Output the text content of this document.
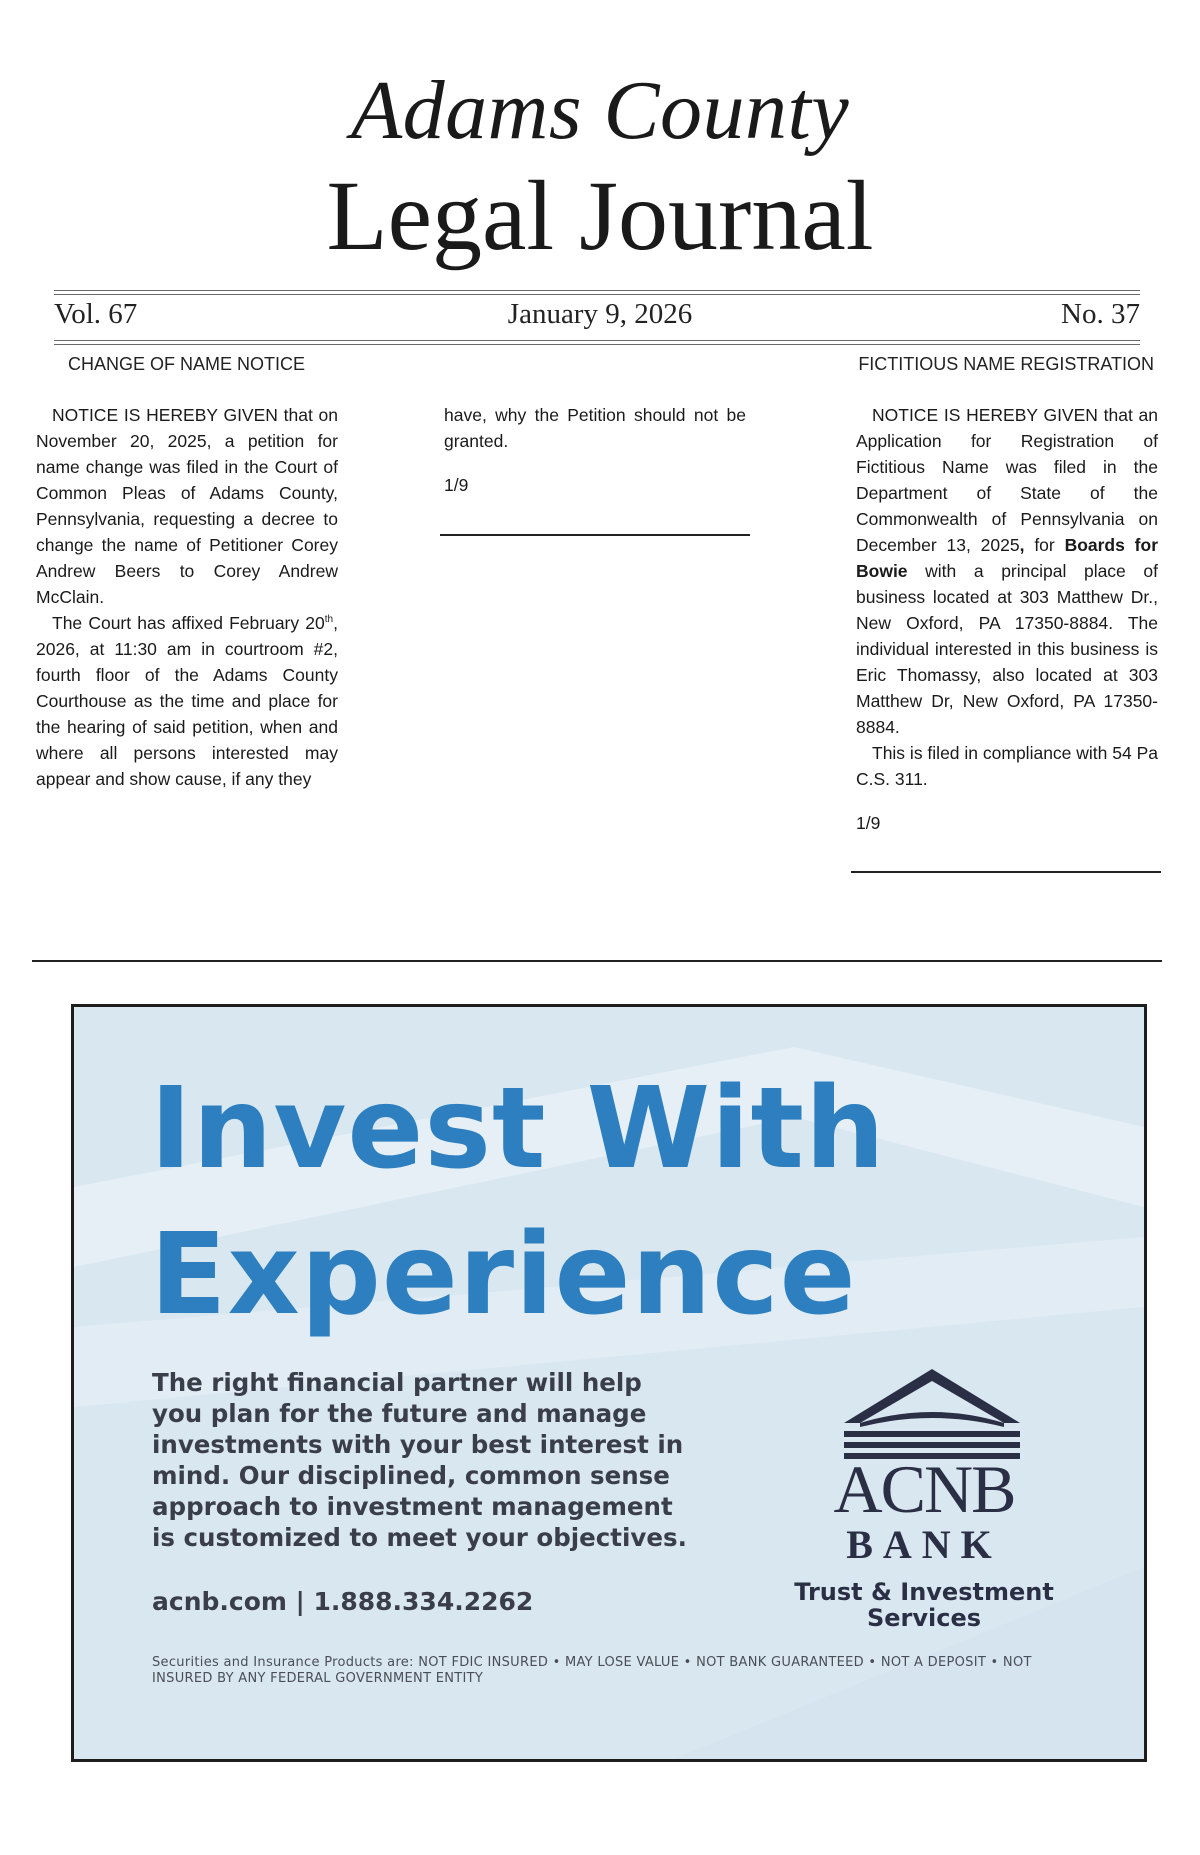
Adams County
Legal Journal
Vol. 67	January 9, 2026	No. 37
CHANGE OF NAME NOTICE	FICTITIOUS NAME REGISTRATION

NOTICE IS HEREBY GIVEN that on November 20, 2025, a petition for name change was filed in the Court of Common Pleas of Adams County, Pennsylvania, requesting a decree to change the name of Petitioner Corey Andrew Beers to Corey Andrew McClain.

The Court has affixed February 20th, 2026, at 11:30 am in courtroom #2, fourth floor of the Adams County Courthouse as the time and place for the hearing of said petition, when and where all persons interested may appear and show cause, if any they

have, why the Petition should not be granted.

1/9

NOTICE IS HEREBY GIVEN that an Application for Registration of Fictitious Name was filed in the Department of State of the Commonwealth of Pennsylvania on December 13, 2025, for Boards for Bowie with a principal place of business located at 303 Matthew Dr., New Oxford, PA 17350-8884. The individual interested in this business is Eric Thomassy, also located at 303 Matthew Dr, New Oxford, PA 17350-8884.

This is filed in compliance with 54 Pa C.S. 311.

1/9

Invest With
Experience
The right financial partner will help
you plan for the future and manage
investments with your best interest in
mind. Our disciplined, common sense
approach to investment management
is customized to meet your objectives.
acnb.com | 1.888.334.2262
Securities and Insurance Products are: NOT FDIC INSURED • MAY LOSE VALUE • NOT BANK GUARANTEED • NOT A DEPOSIT • NOT INSURED BY ANY FEDERAL GOVERNMENT ENTITY
ACNB
BANK
Trust & Investment
Services
